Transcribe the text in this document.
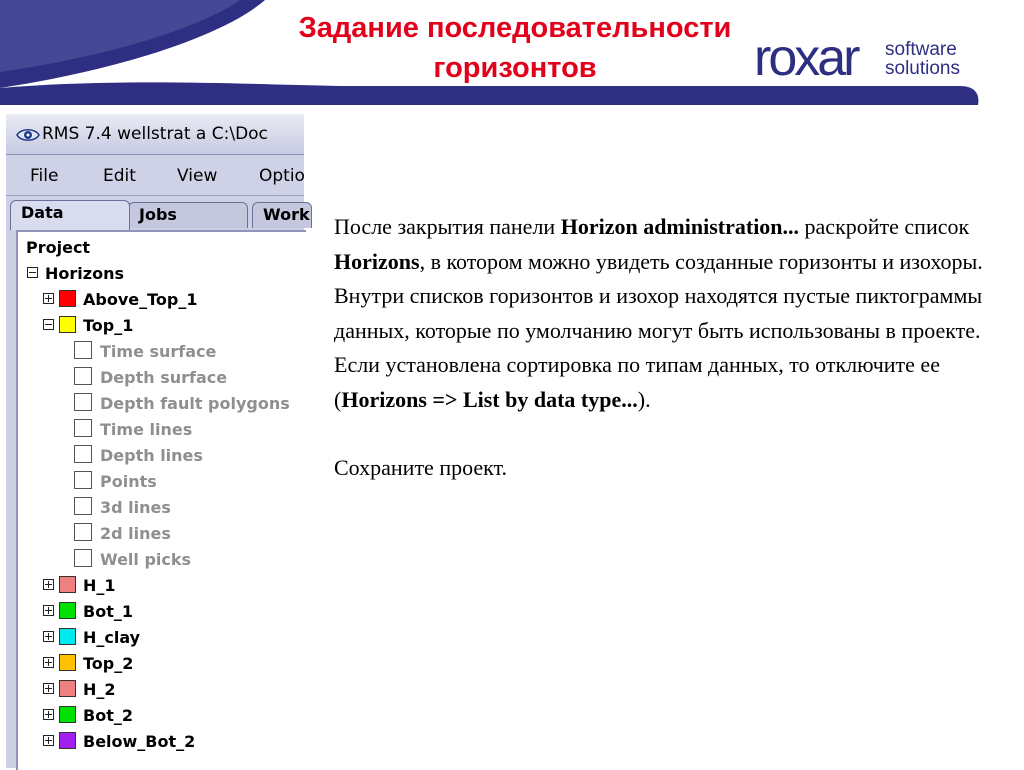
Задание последовательности
горизонтов	roxar software
solutions
RMS 7.4 wellstrat a C:\Doc
File	Edit View Optio
Jobs	Work
Data
Project
Horizons
Above_Top_1
Top_1
Time surface
Depth surface
Depth fault polygons
Time lines
Depth lines
Points
3d lines
2d lines
Well picks
H_1
Bot_1
H_clay
Top_2
H_2
Bot_2
Below_Bot_2

После закрытия панели Horizon administration... раскройте список Horizons, в котором можно увидеть созданные горизонты и изохоры. Внутри списков горизонтов и изохор находятся пустые пиктограммы данных, которые по умолчанию могут быть использованы в проекте. Если установлена сортировка по типам данных, то отключите ее (Horizons => List by data type...).

Сохраните проект.
